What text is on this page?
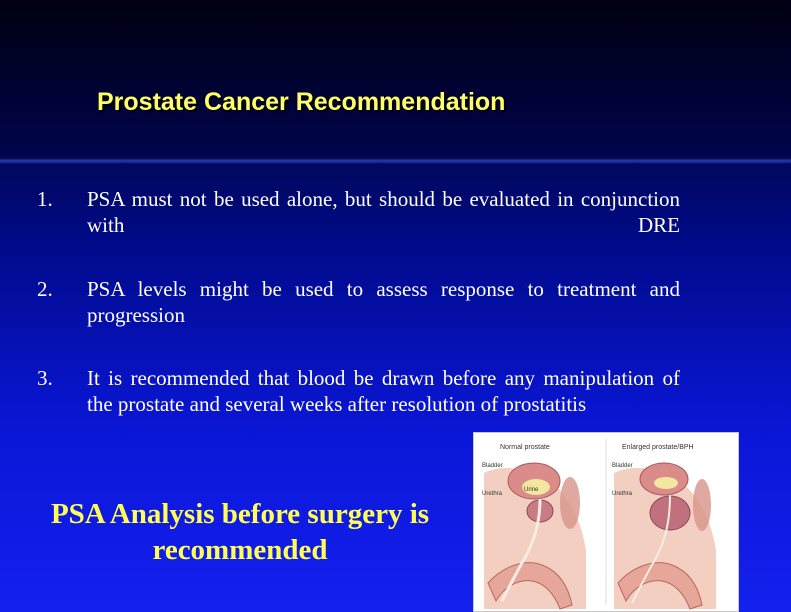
Prostate Cancer Recommendation
1. PSA must not be used alone, but should be evaluated in conjunction with DRE
2. PSA levels might be used to assess response to treatment and progression
3. It is recommended that blood be drawn before any manipulation of the prostate and several weeks after resolution of prostatitis
PSA Analysis before surgery is recommended
Normal prostate
Bladder
Urethra
Urine
Enlarged prostate/BPH
Bladder
Urethra
